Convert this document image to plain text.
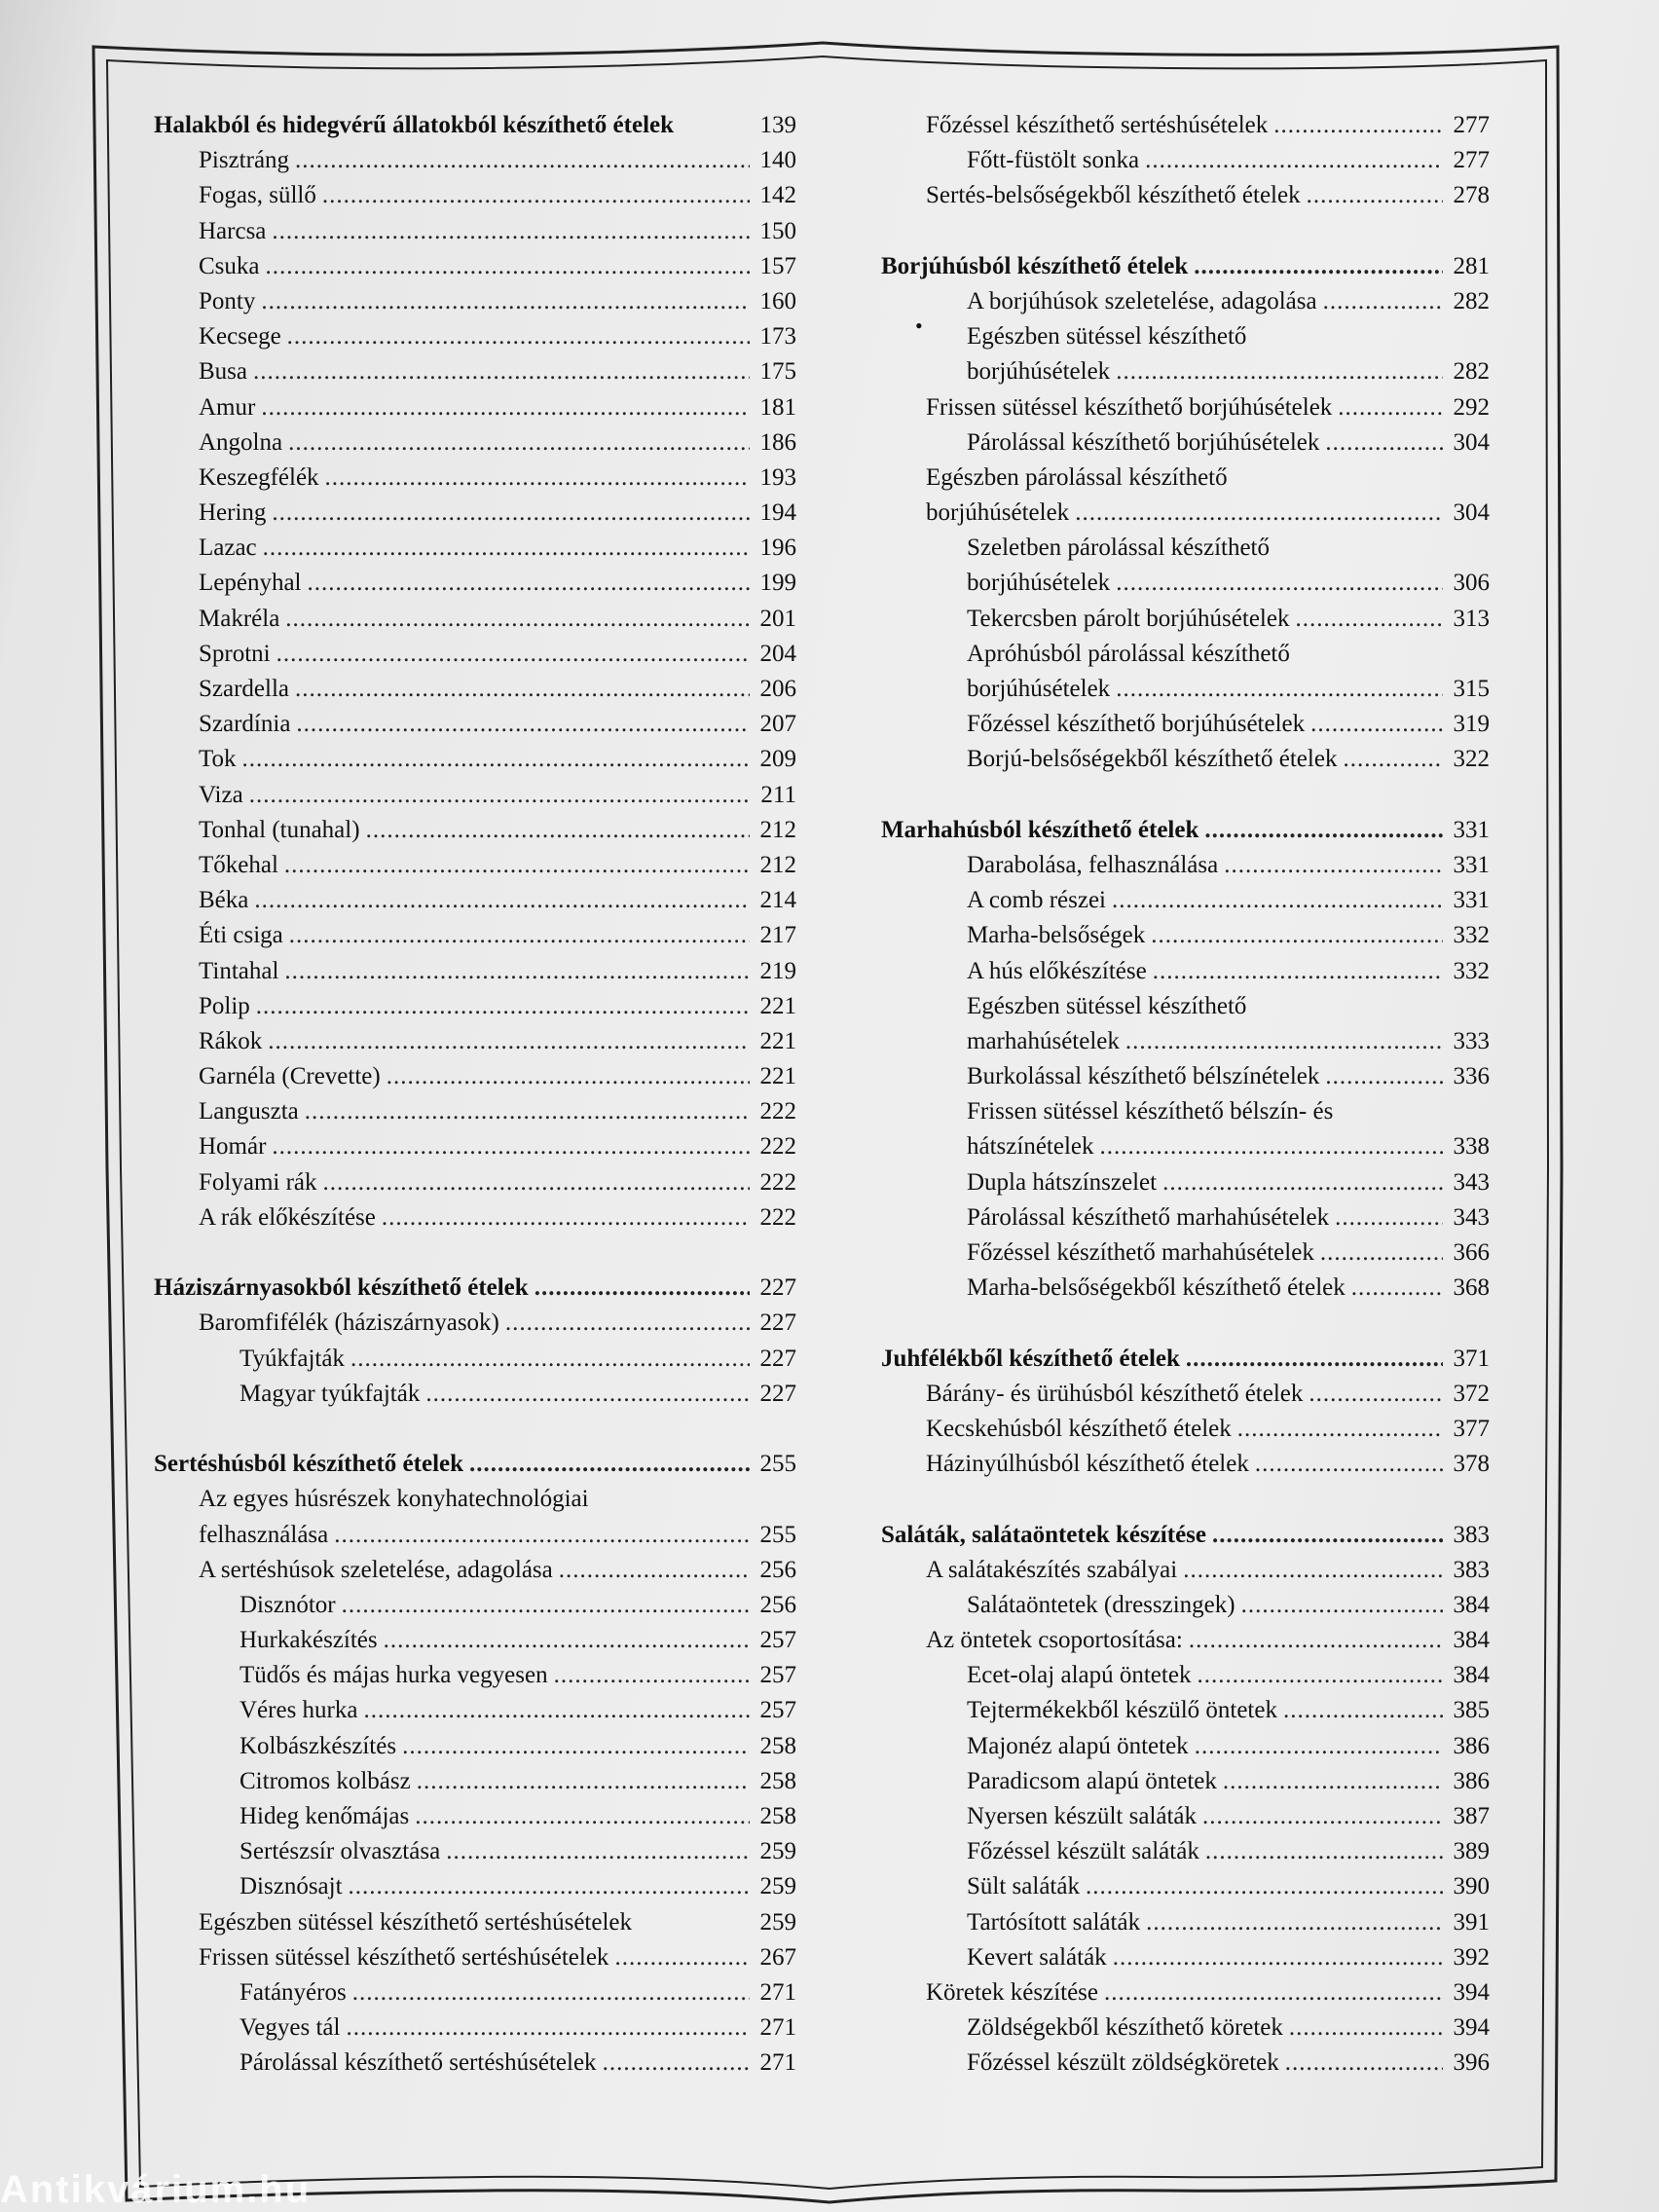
Halakból és hidegvérű állatokból készíthető ételek	139
Pisztráng .....	140
Fogas, süllő .....	142
Harcsa .....	150
Csuka .....	157
Ponty .....	160
Kecsege .....	173
Busa .....	175
Amur .....	181
Angolna .....	186
Keszegfélék .....	193
Hering .....	194
Lazac .....	196
Lepényhal .....	199
Makréla .....	201
Sprotni .....	204
Szardella .....	206
Szardínia .....	207
Tok .....	209
Viza .....	211
Tonhal (tunahal) .....	212
Tőkehal .....	212
Béka .....	214
Éti csiga .....	217
Tintahal .....	219
Polip .....	221
Rákok .....	221
Garnéla (Crevette) .....	221
Languszta .....	222
Homár .....	222
Folyami rák .....	222
A rák előkészítése .....	222
Háziszárnyasokból készíthető ételek .....	227
Baromfifélék (háziszárnyasok) .....	227
Tyúkfajták .....	227
Magyar tyúkfajták .....	227
Sertéshúsból készíthető ételek .....	255
Az egyes húsrészek konyhatechnológiai
felhasználása .....	255
A sertéshúsok szeletelése, adagolása .....	256
Disznótor .....	256
Hurkakészítés .....	257
Tüdős és májas hurka vegyesen .....	257
Véres hurka .....	257
Kolbászkészítés .....	258
Citromos kolbász .....	258
Hideg kenőmájas .....	258
Sertészsír olvasztása .....	259
Disznósajt .....	259
Egészben sütéssel készíthető sertéshúsételek	259
Frissen sütéssel készíthető sertéshúsételek .....	267
Fatányéros .....	271
Vegyes tál .....	271
Párolással készíthető sertéshúsételek .....	271
Főzéssel készíthető sertéshúsételek .....	277
Főtt-füstölt sonka .....	277
Sertés-belsőségekből készíthető ételek .....	278
Borjúhúsból készíthető ételek .....	281
A borjúhúsok szeletelése, adagolása .....	282
Egészben sütéssel készíthető
borjúhúsételek .....	282
Frissen sütéssel készíthető borjúhúsételek .....	292
Párolással készíthető borjúhúsételek .....	304
Egészben párolással készíthető
borjúhúsételek .....	304
Szeletben párolással készíthető
borjúhúsételek .....	306
Tekercsben párolt borjúhúsételek .....	313
Apróhúsból párolással készíthető
borjúhúsételek .....	315
Főzéssel készíthető borjúhúsételek .....	319
Borjú-belsőségekből készíthető ételek .....	322
Marhahúsból készíthető ételek .....	331
Darabolása, felhasználása .....	331
A comb részei .....	331
Marha-belsőségek .....	332
A hús előkészítése .....	332
Egészben sütéssel készíthető
marhahúsételek .....	333
Burkolással készíthető bélszínételek .....	336
Frissen sütéssel készíthető bélszín- és
hátszínételek .....	338
Dupla hátszínszelet .....	343
Párolással készíthető marhahúsételek .....	343
Főzéssel készíthető marhahúsételek .....	366
Marha-belsőségekből készíthető ételek .....	368
Juhfélékből készíthető ételek .....	371
Bárány- és ürühúsból készíthető ételek .....	372
Kecskehúsból készíthető ételek .....	377
Házinyúlhúsból készíthető ételek .....	378
Saláták, salátaöntetek készítése .....	383
A salátakészítés szabályai .....	383
Salátaöntetek (dresszingek) .....	384
Az öntetek csoportosítása: .....	384
Ecet-olaj alapú öntetek .....	384
Tejtermékekből készülő öntetek .....	385
Majonéz alapú öntetek .....	386
Paradicsom alapú öntetek .....	386
Nyersen készült saláták .....	387
Főzéssel készült saláták .....	389
Sült saláták .....	390
Tartósított saláták .....	391
Kevert saláták .....	392
Köretek készítése .....	394
Zöldségekből készíthető köretek .....	394
Főzéssel készült zöldségköretek .....	396
•
Antikvárium.hu
